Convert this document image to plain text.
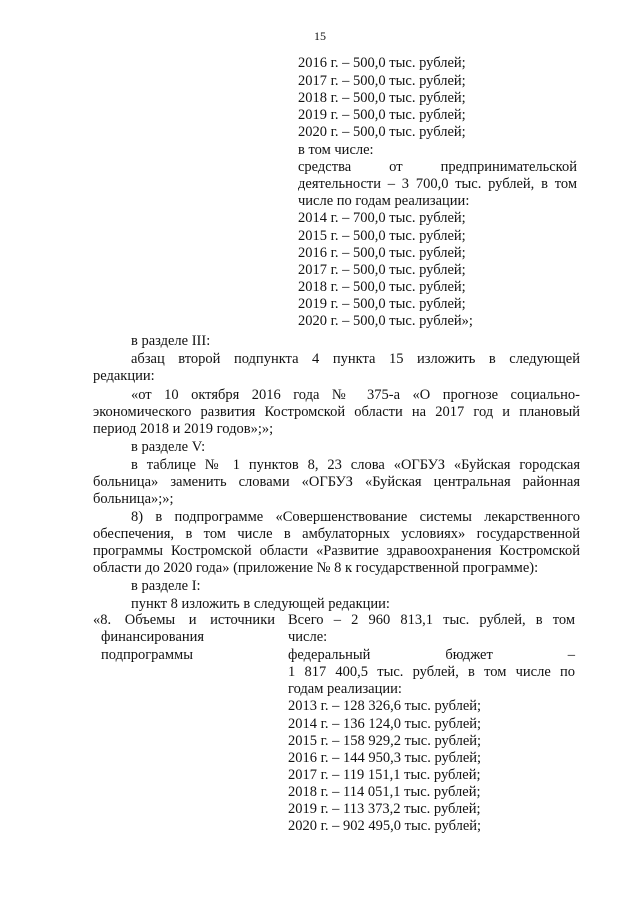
15
2016 г. – 500,0 тыс. рублей;
2017 г. – 500,0 тыс. рублей;
2018 г. – 500,0 тыс. рублей;
2019 г. – 500,0 тыс. рублей;
2020 г. – 500,0 тыс. рублей;
в том числе:
средства от предпринимательской
деятельности – 3 700,0 тыс. рублей, в том
числе по годам реализации:
2014 г. – 700,0 тыс. рублей;
2015 г. – 500,0 тыс. рублей;
2016 г. – 500,0 тыс. рублей;
2017 г. – 500,0 тыс. рублей;
2018 г. – 500,0 тыс. рублей;
2019 г. – 500,0 тыс. рублей;
2020 г. – 500,0 тыс. рублей»;
в разделе III:
абзац второй подпункта 4 пункта 15 изложить в следующей
редакции:
«от 10 октября 2016 года № 375-а «О прогнозе социально-
экономического развития Костромской области на 2017 год и плановый
период 2018 и 2019 годов»;»;
в разделе V:
в таблице № 1 пунктов 8, 23 слова «ОГБУЗ «Буйская городская
больница» заменить словами «ОГБУЗ «Буйская центральная районная
больница»;»;
8) в подпрограмме «Совершенствование системы лекарственного
обеспечения, в том числе в амбулаторных условиях» государственной
программы Костромской области «Развитие здравоохранения Костромской
области до 2020 года» (приложение № 8 к государственной программе):
в разделе I:
пункт 8 изложить в следующей редакции:
«8. Объемы и источники
финансирования
подпрограммы
Всего – 2 960 813,1 тыс. рублей, в том
числе:
федеральный бюджет –
1 817 400,5 тыс. рублей, в том числе по
годам реализации:
2013 г. – 128 326,6 тыс. рублей;
2014 г. – 136 124,0 тыс. рублей;
2015 г. – 158 929,2 тыс. рублей;
2016 г. – 144 950,3 тыс. рублей;
2017 г. – 119 151,1 тыс. рублей;
2018 г. – 114 051,1 тыс. рублей;
2019 г. – 113 373,2 тыс. рублей;
2020 г. – 902 495,0 тыс. рублей;
